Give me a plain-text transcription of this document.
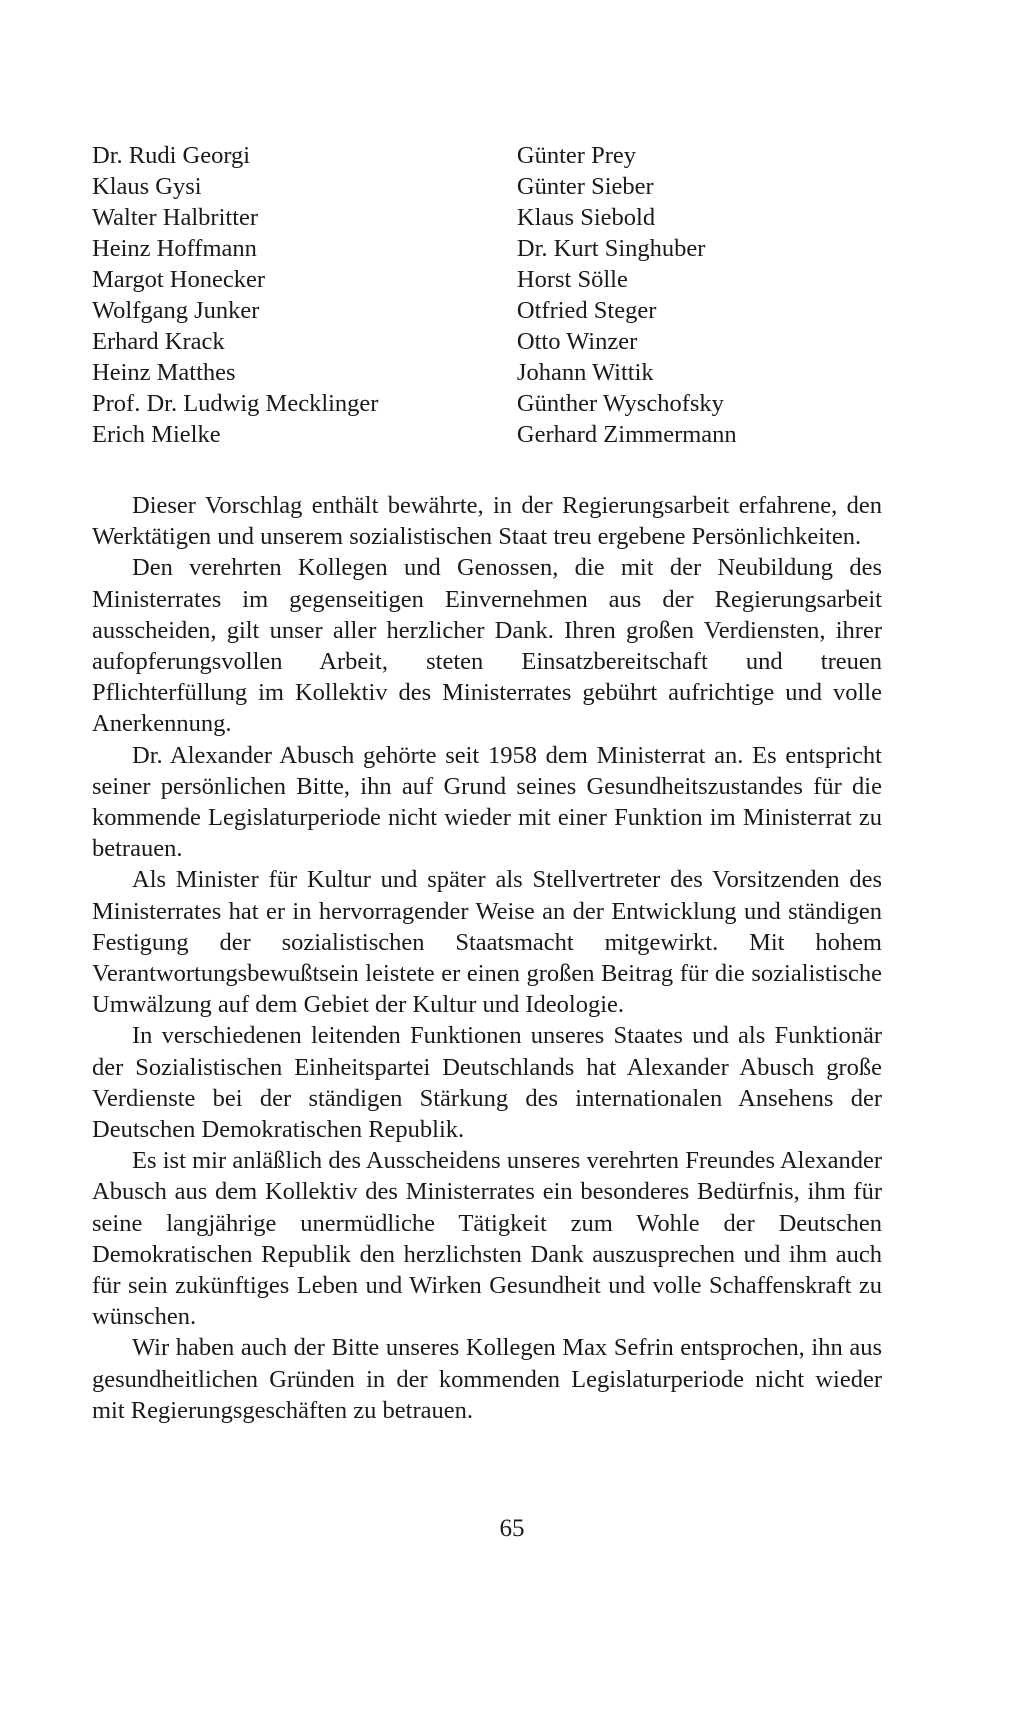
Dr. Rudi Georgi
Klaus Gysi
Walter Halbritter
Heinz Hoffmann
Margot Honecker
Wolfgang Junker
Erhard Krack
Heinz Matthes
Prof. Dr. Ludwig Mecklinger
Erich Mielke
Günter Prey
Günter Sieber
Klaus Siebold
Dr. Kurt Singhuber
Horst Sölle
Otfried Steger
Otto Winzer
Johann Wittik
Günther Wyschofsky
Gerhard Zimmermann

Dieser Vorschlag enthält bewährte, in der Regierungsarbeit erfahrene, den Werktätigen und unserem sozialistischen Staat treu ergebene Persönlichkeiten.

Den verehrten Kollegen und Genossen, die mit der Neubildung des Ministerrates im gegenseitigen Einvernehmen aus der Regierungsarbeit ausscheiden, gilt unser aller herzlicher Dank. Ihren großen Verdiensten, ihrer aufopferungsvollen Arbeit, steten Einsatzbereitschaft und treuen Pflichterfüllung im Kollektiv des Ministerrates gebührt aufrichtige und volle Anerkennung.

Dr. Alexander Abusch gehörte seit 1958 dem Ministerrat an. Es entspricht seiner persönlichen Bitte, ihn auf Grund seines Gesundheitszustandes für die kommende Legislaturperiode nicht wieder mit einer Funktion im Ministerrat zu betrauen.

Als Minister für Kultur und später als Stellvertreter des Vorsitzenden des Ministerrates hat er in hervorragender Weise an der Entwicklung und ständigen Festigung der sozialistischen Staatsmacht mitgewirkt. Mit hohem Verantwortungsbewußtsein leistete er einen großen Beitrag für die sozialistische Umwälzung auf dem Gebiet der Kultur und Ideologie.

In verschiedenen leitenden Funktionen unseres Staates und als Funktionär der Sozialistischen Einheitspartei Deutschlands hat Alexander Abusch große Verdienste bei der ständigen Stärkung des internationalen Ansehens der Deutschen Demokratischen Republik.

Es ist mir anläßlich des Ausscheidens unseres verehrten Freundes Alexander Abusch aus dem Kollektiv des Ministerrates ein besonderes Bedürfnis, ihm für seine langjährige unermüdliche Tätigkeit zum Wohle der Deutschen Demokratischen Republik den herzlichsten Dank auszusprechen und ihm auch für sein zukünftiges Leben und Wirken Gesundheit und volle Schaffenskraft zu wünschen.

Wir haben auch der Bitte unseres Kollegen Max Sefrin entsprochen, ihn aus gesundheitlichen Gründen in der kommenden Legislaturperiode nicht wieder mit Regierungsgeschäften zu betrauen.

65
